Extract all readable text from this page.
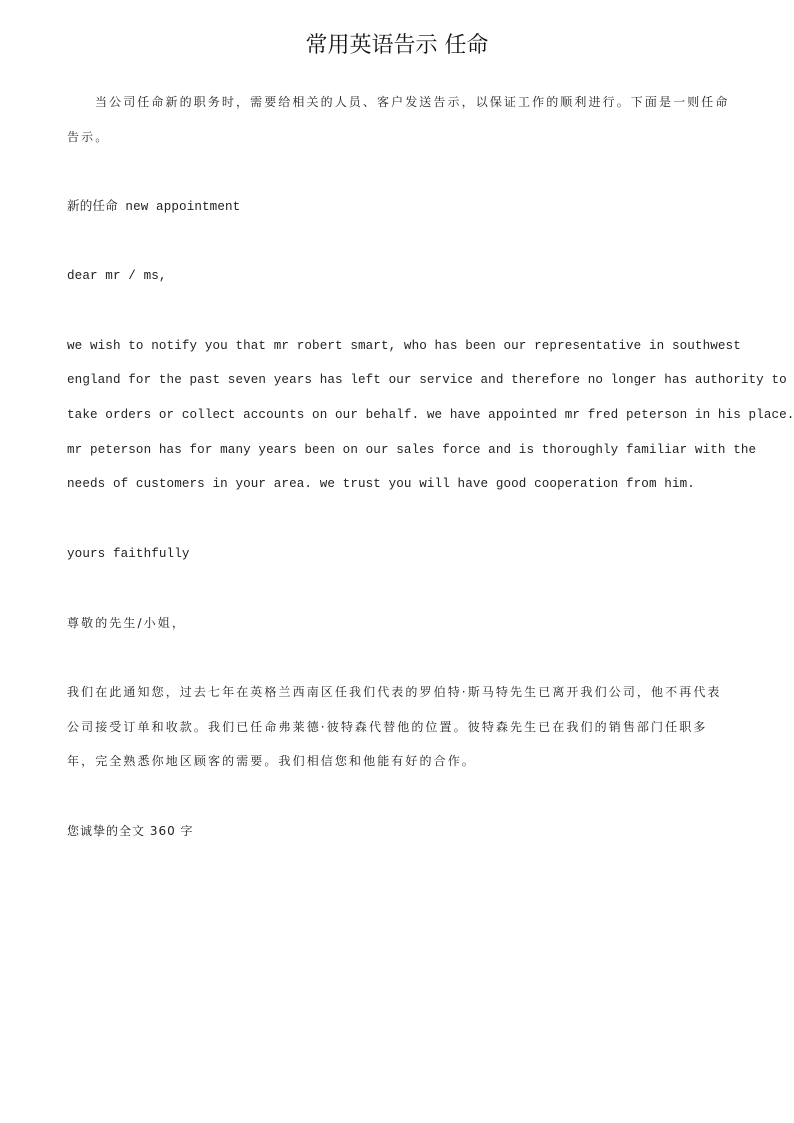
常用英语告示 任命
当公司任命新的职务时，需要给相关的人员、客户发送告示，以保证工作的顺利进行。下面是一则任命
告示。
新的任命 new appointment
dear mr / ms,
we wish to notify you that mr robert smart, who has been our representative in southwest
england for the past seven years has left our service and therefore no longer has authority to
take orders or collect accounts on our behalf. we have appointed mr fred peterson in his place.
mr peterson has for many years been on our sales force and is thoroughly familiar with the
needs of customers in your area. we trust you will have good cooperation from him.
yours faithfully
尊敬的先生/小姐，
我们在此通知您，过去七年在英格兰西南区任我们代表的罗伯特·斯马特先生已离开我们公司，他不再代表
公司接受订单和收款。我们已任命弗莱德·彼特森代替他的位置。彼特森先生已在我们的销售部门任职多
年，完全熟悉你地区顾客的需要。我们相信您和他能有好的合作。
您诚挚的全文 360 字
